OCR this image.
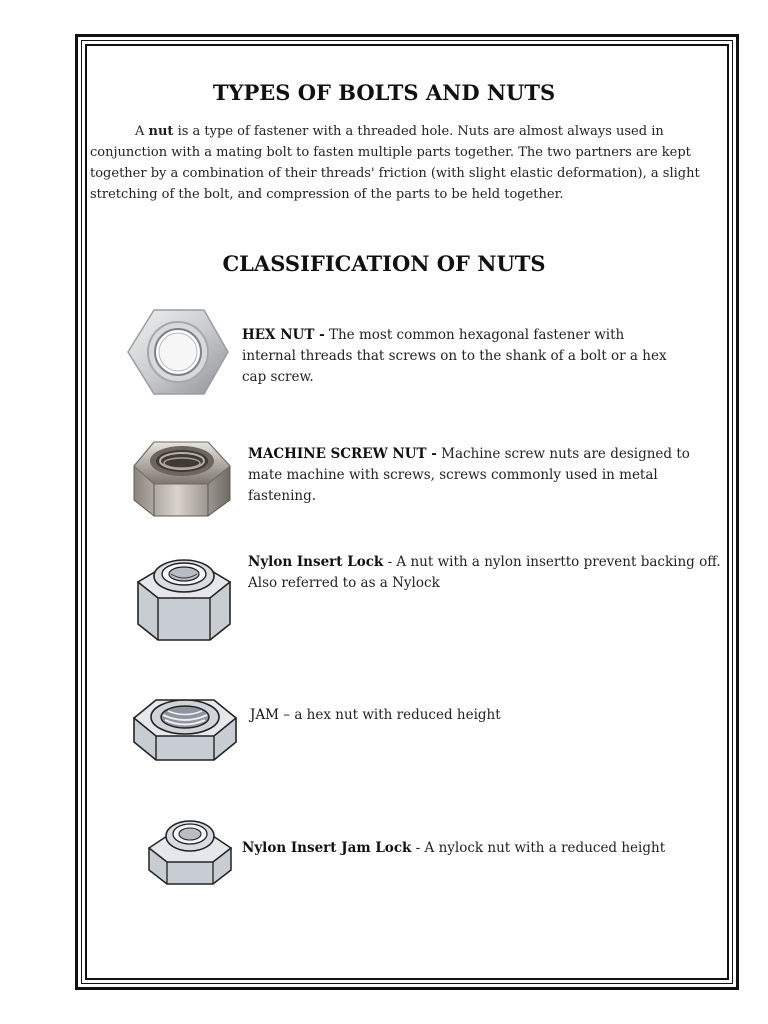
TYPES OF BOLTS AND NUTS
A nut is a type of fastener with a threaded hole. Nuts are almost always used in conjunction with a mating bolt to fasten multiple parts together. The two partners are kept together by a combination of their threads' friction (with slight elastic deformation), a slight stretching of the bolt, and compression of the parts to be held together.
CLASSIFICATION OF NUTS
HEX NUT - The most common hexagonal fastener with internal threads that screws on to the shank of a bolt or a hex cap screw.
MACHINE SCREW NUT - Machine screw nuts are designed to mate machine with screws, screws commonly used in metal fastening.
Nylon Insert Lock - A nut with a nylon insertto prevent backing off. Also referred to as a Nylock
JAM – a hex nut with reduced height
Nylon Insert Jam Lock - A nylock nut with a reduced height
